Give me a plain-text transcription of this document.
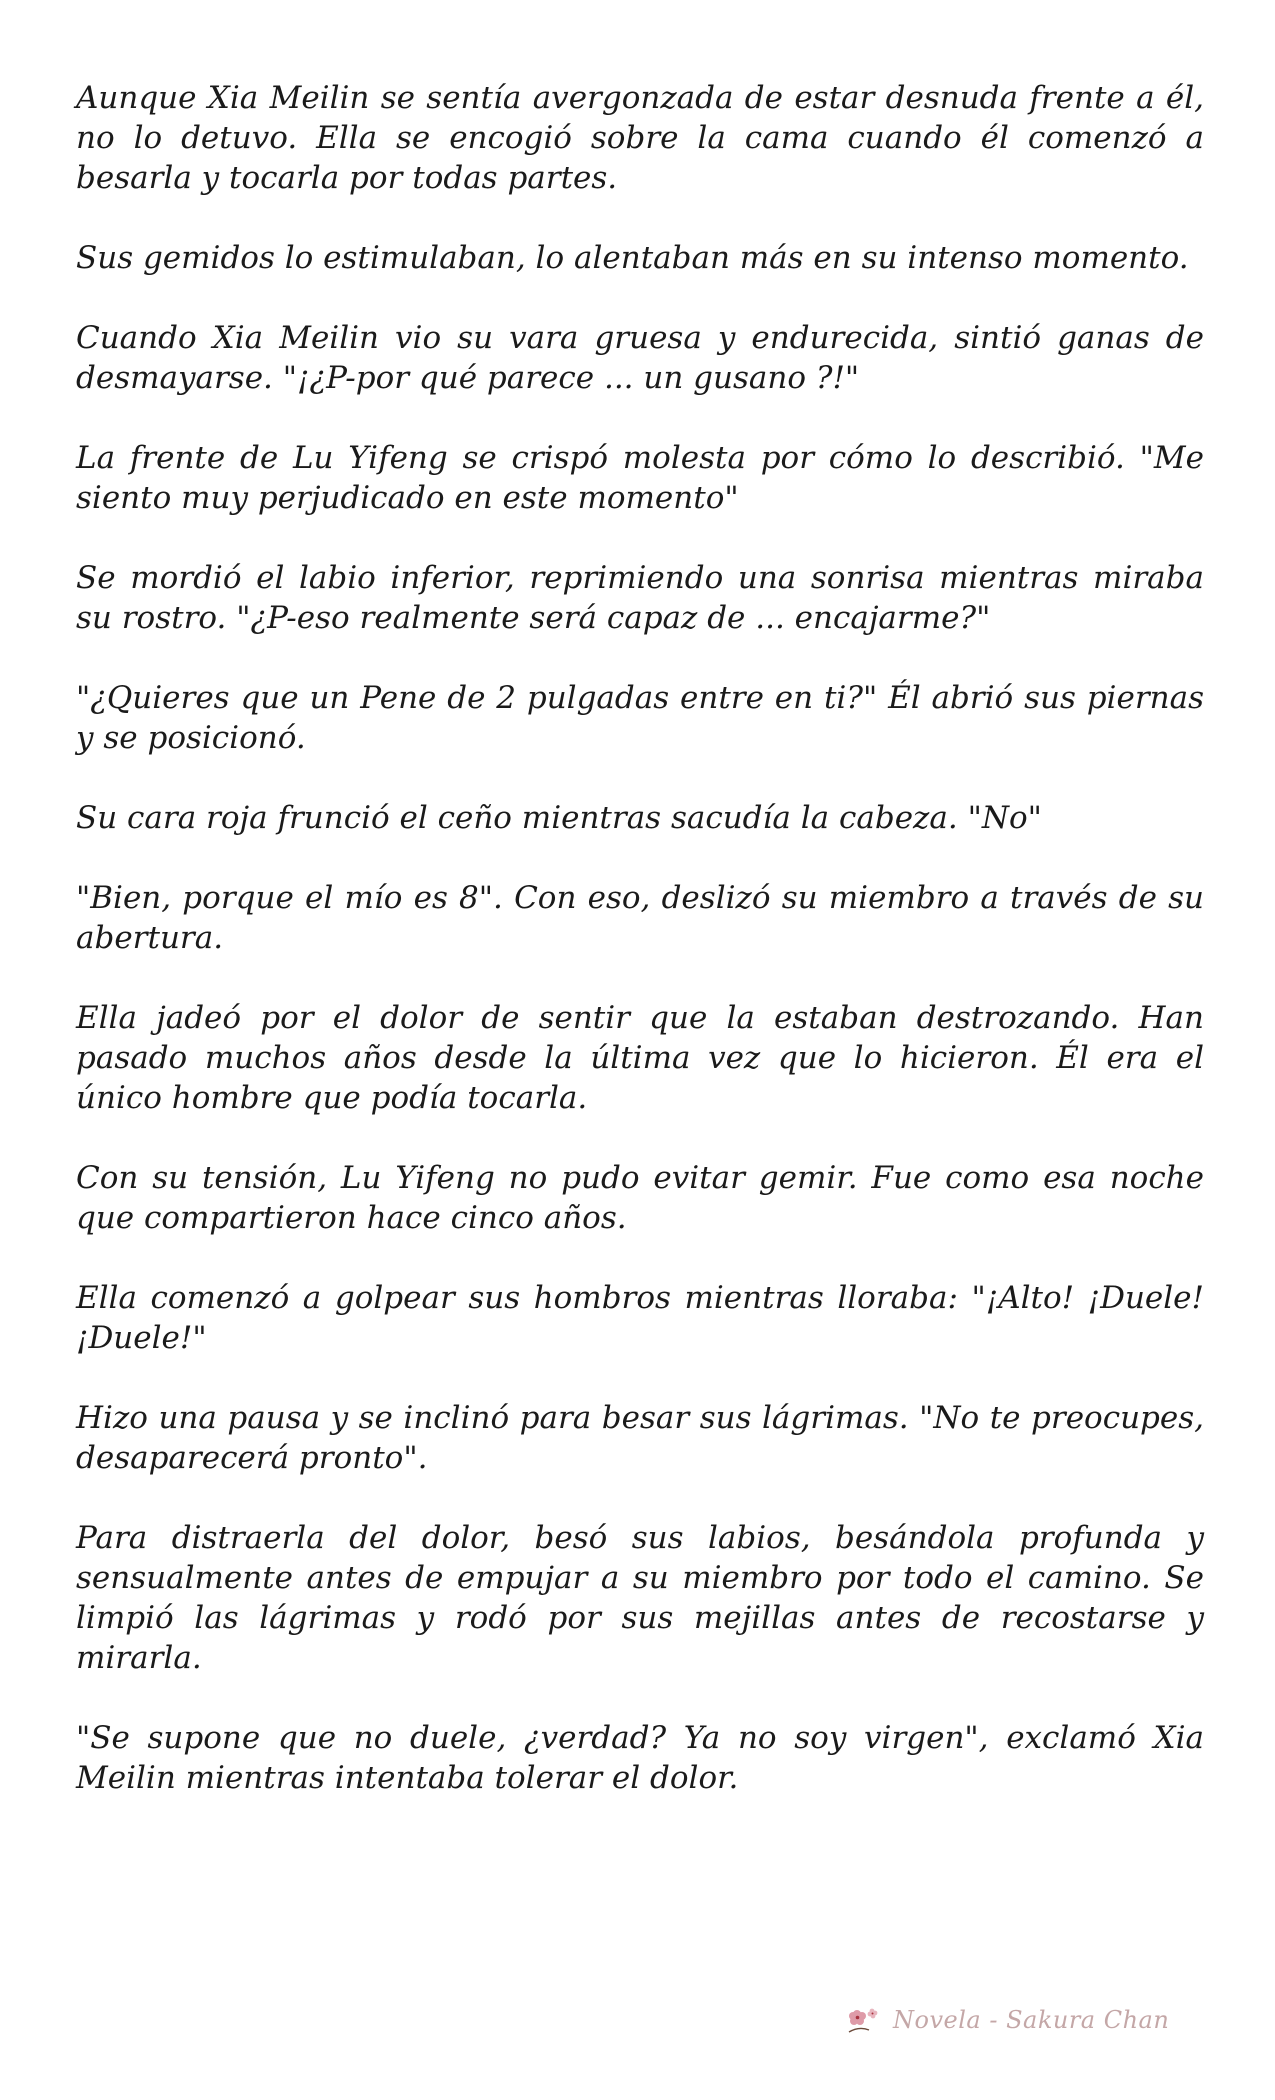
Aunque Xia Meilin se sentía avergonzada de estar desnuda frente a él, no lo detuvo. Ella se encogió sobre la cama cuando él comenzó a besarla y tocarla por todas partes.

Sus gemidos lo estimulaban, lo alentaban más en su intenso momento.

Cuando Xia Meilin vio su vara gruesa y endurecida, sintió ganas de desmayarse. "¡¿P-por qué parece ... un gusano ?!"

La frente de Lu Yifeng se crispó molesta por cómo lo describió. "Me siento muy perjudicado en este momento"

Se mordió el labio inferior, reprimiendo una sonrisa mientras miraba su rostro. "¿P-eso realmente será capaz de ... encajarme?"

"¿Quieres que un Pene de 2 pulgadas entre en ti?" Él abrió sus piernas y se posicionó.

Su cara roja frunció el ceño mientras sacudía la cabeza. "No"

"Bien, porque el mío es 8". Con eso, deslizó su miembro a través de su abertura.

Ella jadeó por el dolor de sentir que la estaban destrozando. Han pasado muchos años desde la última vez que lo hicieron. Él era el único hombre que podía tocarla.

Con su tensión, Lu Yifeng no pudo evitar gemir. Fue como esa noche que compartieron hace cinco años.

Ella comenzó a golpear sus hombros mientras lloraba: "¡Alto! ¡Duele! ¡Duele!"

Hizo una pausa y se inclinó para besar sus lágrimas. "No te preocupes, desaparecerá pronto".

Para distraerla del dolor, besó sus labios, besándola profunda y sensualmente antes de empujar a su miembro por todo el camino. Se limpió las lágrimas y rodó por sus mejillas antes de recostarse y mirarla.

"Se supone que no duele, ¿verdad? Ya no soy virgen", exclamó Xia Meilin mientras intentaba tolerar el dolor.

Novela - Sakura Chan
